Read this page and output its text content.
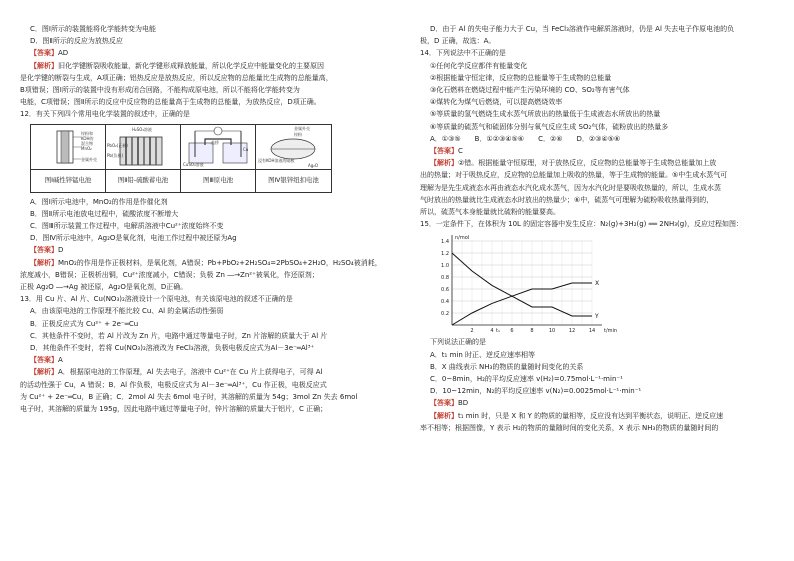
C．图Ⅰ所示的装置能将化学能转变为电能
D．图Ⅱ所示的反应为放热反应
【答案】AD
【解析】旧化学键断裂吸收能量，新化学键形成释放能量，所以化学反应中能量变化的主要原因
是化学键的断裂与生成，A项正确；铝热反应是放热反应，所以反应物的总能量比生成物的总能量高，
B项错误；图Ⅰ所示的装置中没有形成闭合回路，不能构成原电池，所以不能将化学能转变为
电能，C项错误；图Ⅱ所示的反应中反应物的总能量高于生成物的总能量，为放热反应，D项正确。
12．有关下列四个常用电化学装置的叙述中，正确的是
锌粉和
KOH的
混合物
MnO₂
金属外壳
图Ⅰ碱性锌锰电池
H₂SO₄溶液
PbO₂(正极)
Pb(负极)
图Ⅱ铅-硫酸蓄电池
盐桥
Cu
CuSO₄溶液
图Ⅲ原电池
金属外壳
锌粉
浸有KOH溶液的隔板
Ag₂O
图Ⅳ银锌纽扣电池
A．图Ⅰ所示电池中，MnO₂的作用是作催化剂
B．图Ⅱ所示电池放电过程中，硫酸浓度不断增大
C．图Ⅲ所示装置工作过程中，电解质溶液中Cu²⁺浓度始终不变
D．图Ⅳ所示电池中，Ag₂O是氧化剂，电池工作过程中被还原为Ag
【答案】D
【解析】MnO₂的作用是作正极材料，是氧化剂，A错误；Pb+PbO₂+2H₂SO₄=2PbSO₄+2H₂O，H₂SO₄被消耗，
浓度减小，B错误；正极析出铜，Cu²⁺浓度减小，C错误；负极 Zn ―→Zn²⁺被氧化，作还原剂；
正极 Ag₂O ―→Ag 被还原，Ag₂O是氧化剂，D正确。
13．用 Cu 片、Al 片、Cu(NO₃)₂溶液设计一个原电池，有关该原电池的叙述不正确的是
A．由该原电池的工作原理不能比较 Cu、Al 的金属活动性强弱
B．正极反应式为 Cu²⁺ + 2e⁻═Cu
C．其他条件不变时，若 Al 片改为 Zn 片，电路中通过等量电子时，Zn 片溶解的质量大于 Al 片
D．其他条件不变时，若将 Cu(NO₃)₂溶液改为 FeCl₃溶液，负极电极反应式为Al－3e⁻═Al³⁺
【答案】A
【解析】A．根据原电池的工作原理，Al 失去电子，溶液中 Cu²⁺在 Cu 片上获得电子，可得 Al
的活动性强于 Cu，A 错误；B．Al 作负极，电极反应式为 Al－3e⁻═Al³⁺，Cu 作正极，电极反应式
为 Cu²⁺ + 2e⁻═Cu，B 正确；C．2mol Al 失去 6mol 电子时，其溶解的质量为 54g；3mol Zn 失去 6mol
电子时，其溶解的质量为 195g，因此电路中通过等量电子时，锌片溶解的质量大于铝片，C 正确；
D．由于 Al 的失电子能力大于 Cu，当 FeCl₃溶液作电解质溶液时，仍是 Al 失去电子作原电池的负
极，D 正确，故选：A。
14．下列说法中不正确的是
①任何化学反应都伴有能量变化
②根据能量守恒定律，反应物的总能量等于生成物的总能量
③化石燃料在燃烧过程中能产生污染环境的 CO、SO₂等有害气体
④煤转化为煤气后燃烧，可以提高燃烧效率
⑤等质量的氢气燃烧生成水蒸气所放出的热量低于生成液态水所放出的热量
⑥等质量的硫蒸气和硫固体分别与氧气反应生成 SO₂气体，硫粉放出的热量多
A．①③⑤　　B．①②③④⑤⑥　　C．②⑥　　D．②③④⑤⑥
【答案】C
【解析】②错。根据能量守恒原理，对于放热反应，反应物的总能量等于生成物总能量加上放
出的热量；对于吸热反应，反应物的总能量加上吸收的热量，等于生成物的能量。⑤中生成水蒸气可
理解为是先生成液态水再由液态水汽化成水蒸气，因为水汽化时是要吸收热量的，所以，生成水蒸
气时放出的热量就比生成液态水时放出的热量少；⑥中，硫蒸气可理解为硫粉吸收热量得到的，
所以，硫蒸气本身能量就比硫粉的能量要高。
15．一定条件下，在体积为 10L 的固定容器中发生反应：N₂(g)+3H₂(g) ══ 2NH₃(g)，反应过程如图：
n/mol
0.2
0.4
0.6
0.8
1.0
1.2
1.4
2	4 t₁ 6	8	10	12	14 t/min
X
Y
下列说法正确的是
A．t₁ min 时正、逆反应速率相等
B．X 曲线表示 NH₃的物质的量随时间变化的关系
C．0~8min，H₂的平均反应速率 v(H₂)=0.75mol·L⁻¹·min⁻¹
D．10~12min，N₂的平均反应速率 v(N₂)=0.0025mol·L⁻¹·min⁻¹
【答案】BD
【解析】t₁ min 时，只是 X 和 Y 的物质的量相等，反应没有达到平衡状态，说明正、逆反应速
率不相等；根据图像，Y 表示 H₂的物质的量随时间的变化关系，X 表示 NH₃的物质的量随时间的
